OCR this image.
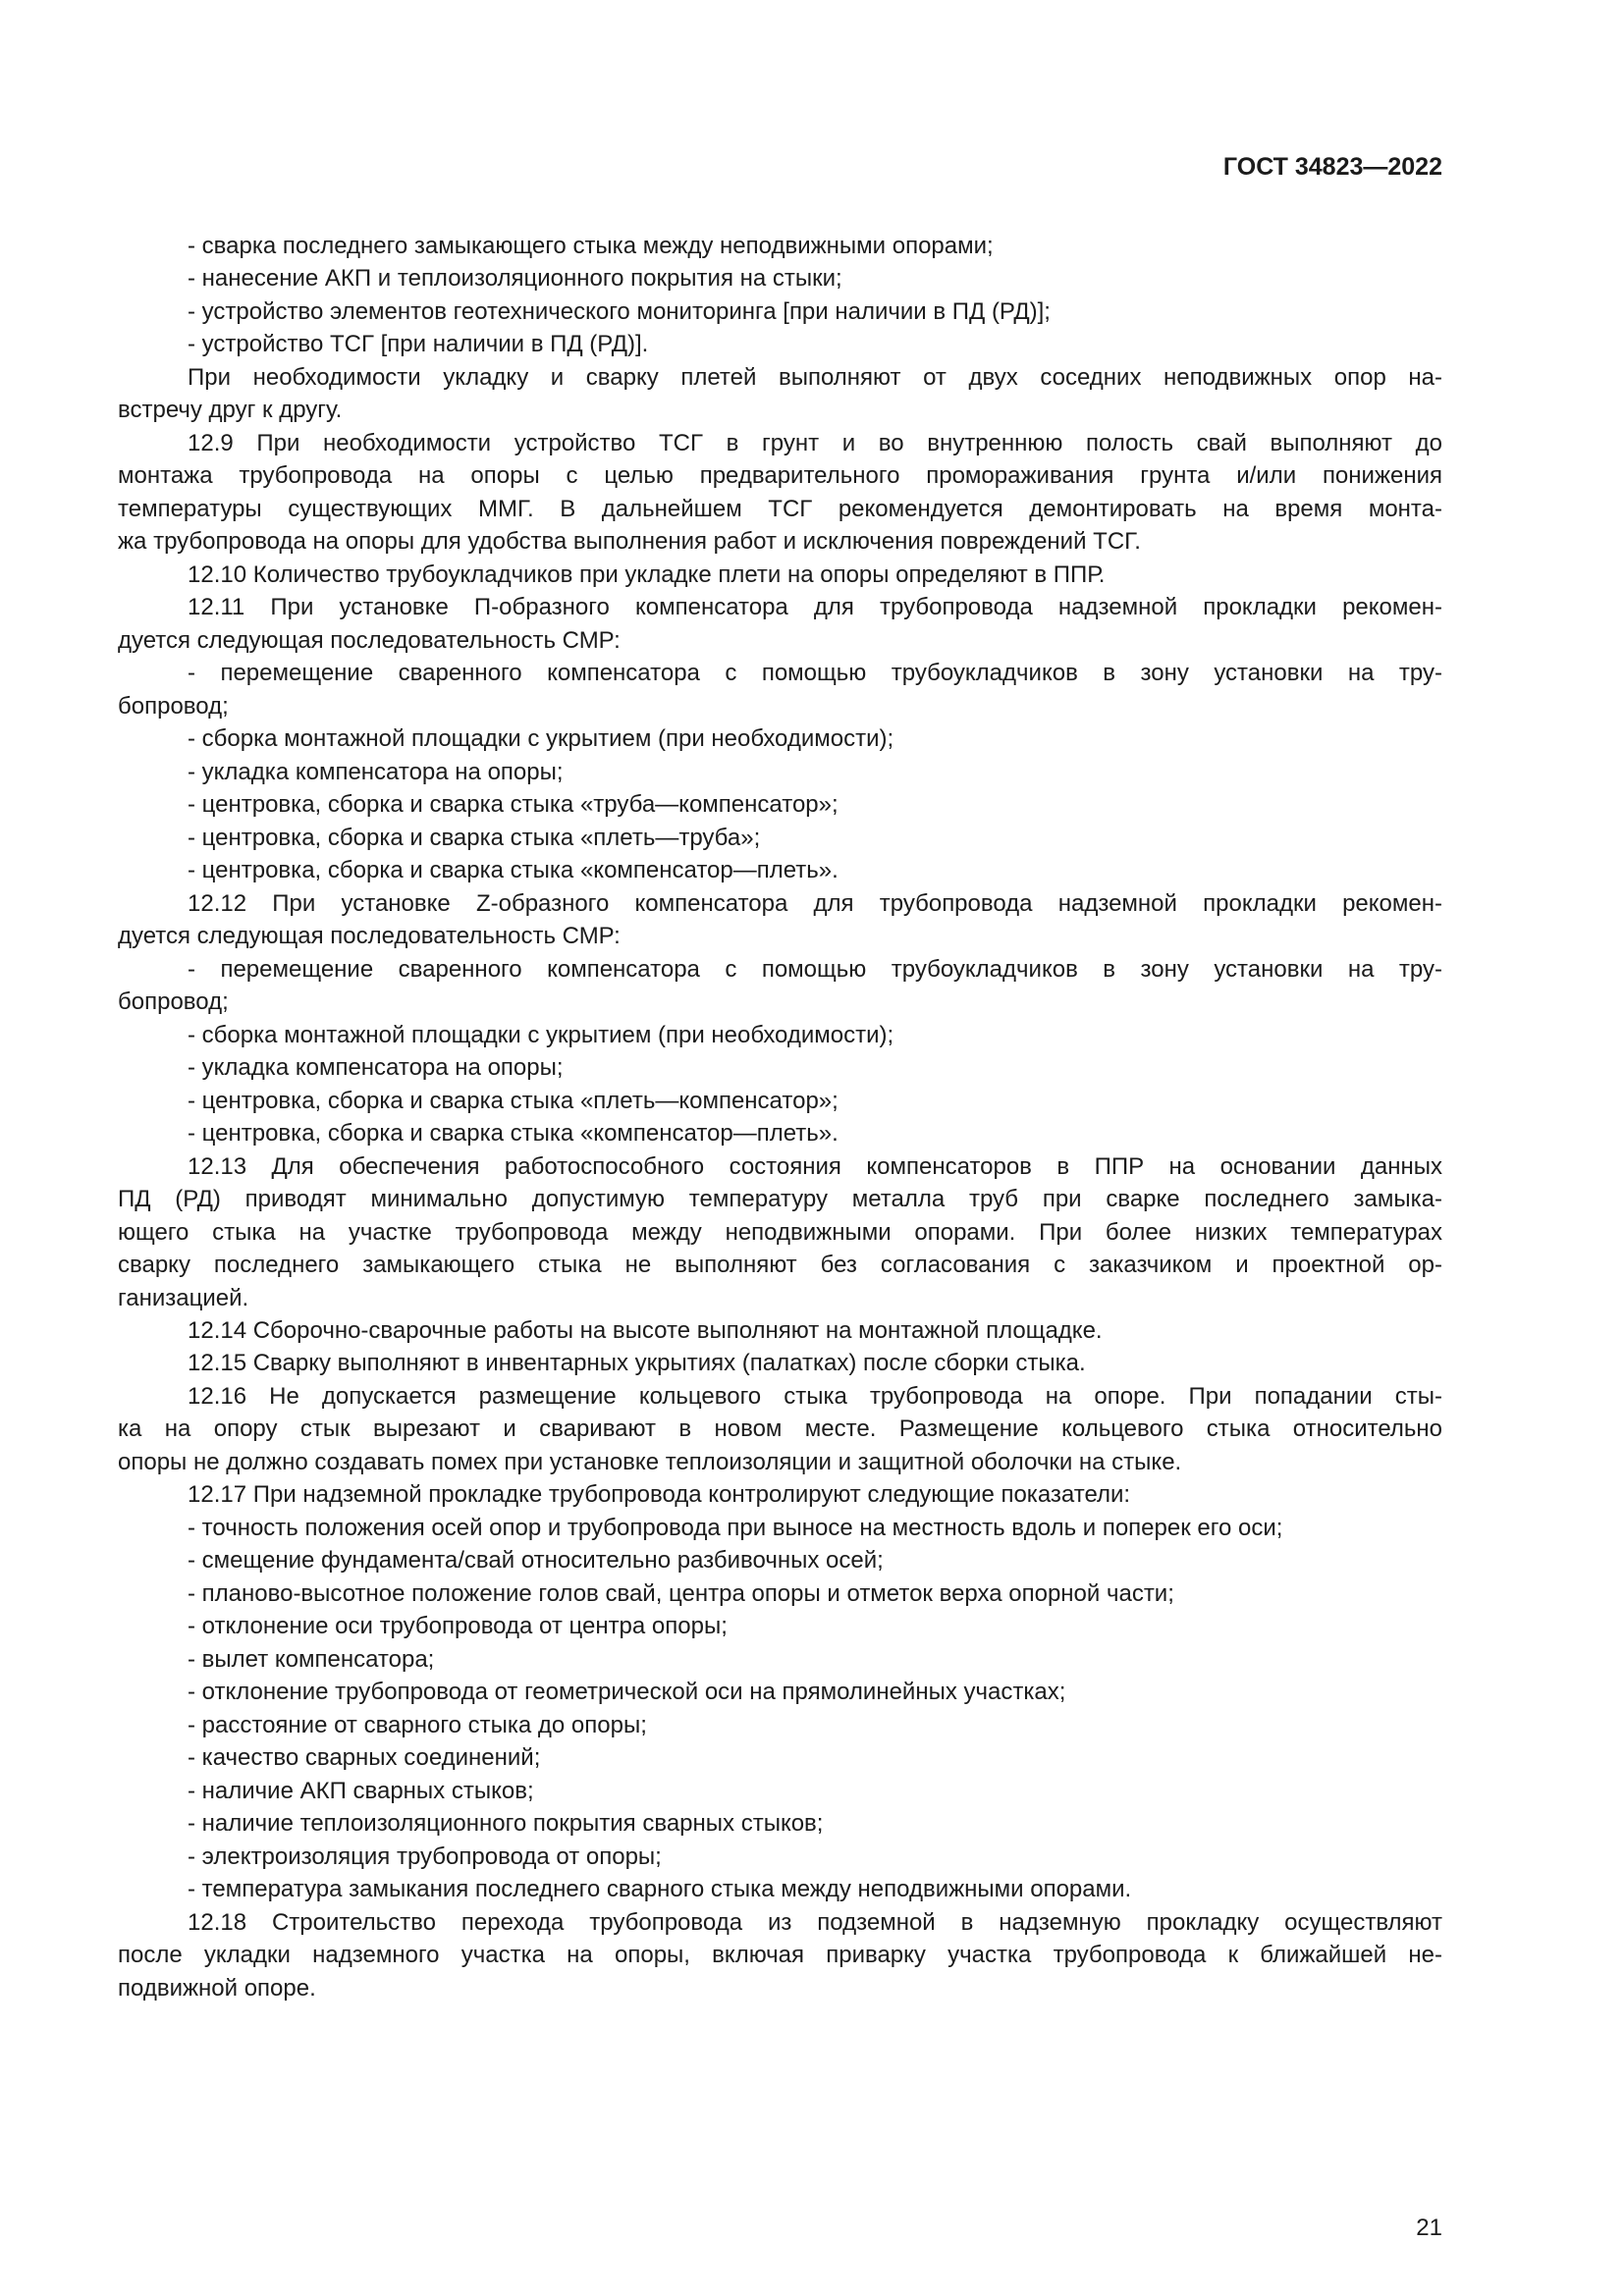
ГОСТ 34823—2022
- сварка последнего замыкающего стыка между неподвижными опорами;
- нанесение АКП и теплоизоляционного покрытия на стыки;
- устройство элементов геотехнического мониторинга [при наличии в ПД (РД)];
- устройство ТСГ [при наличии в ПД (РД)].
При необходимости укладку и сварку плетей выполняют от двух соседних неподвижных опор на-
встречу друг к другу.
12.9 При необходимости устройство ТСГ в грунт и во внутреннюю полость свай выполняют до
монтажа трубопровода на опоры с целью предварительного промораживания грунта и/или понижения
температуры существующих ММГ. В дальнейшем ТСГ рекомендуется демонтировать на время монта-
жа трубопровода на опоры для удобства выполнения работ и исключения повреждений ТСГ.
12.10 Количество трубоукладчиков при укладке плети на опоры определяют в ППР.
12.11 При установке П-образного компенсатора для трубопровода надземной прокладки рекомен-
дуется следующая последовательность СМР:
- перемещение сваренного компенсатора с помощью трубоукладчиков в зону установки на тру-
бопровод;
- сборка монтажной площадки с укрытием (при необходимости);
- укладка компенсатора на опоры;
- центровка, сборка и сварка стыка «труба—компенсатор»;
- центровка, сборка и сварка стыка «плеть—труба»;
- центровка, сборка и сварка стыка «компенсатор—плеть».
12.12 При установке Z-образного компенсатора для трубопровода надземной прокладки рекомен-
дуется следующая последовательность СМР:
- перемещение сваренного компенсатора с помощью трубоукладчиков в зону установки на тру-
бопровод;
- сборка монтажной площадки с укрытием (при необходимости);
- укладка компенсатора на опоры;
- центровка, сборка и сварка стыка «плеть—компенсатор»;
- центровка, сборка и сварка стыка «компенсатор—плеть».
12.13 Для обеспечения работоспособного состояния компенсаторов в ППР на основании данных
ПД (РД) приводят минимально допустимую температуру металла труб при сварке последнего замыка-
ющего стыка на участке трубопровода между неподвижными опорами. При более низких температурах
сварку последнего замыкающего стыка не выполняют без согласования с заказчиком и проектной ор-
ганизацией.
12.14 Сборочно-сварочные работы на высоте выполняют на монтажной площадке.
12.15 Сварку выполняют в инвентарных укрытиях (палатках) после сборки стыка.
12.16 Не допускается размещение кольцевого стыка трубопровода на опоре. При попадании сты-
ка на опору стык вырезают и сваривают в новом месте. Размещение кольцевого стыка относительно
опоры не должно создавать помех при установке теплоизоляции и защитной оболочки на стыке.
12.17 При надземной прокладке трубопровода контролируют следующие показатели:
- точность положения осей опор и трубопровода при выносе на местность вдоль и поперек его оси;
- смещение фундамента/свай относительно разбивочных осей;
- планово-высотное положение голов свай, центра опоры и отметок верха опорной части;
- отклонение оси трубопровода от центра опоры;
- вылет компенсатора;
- отклонение трубопровода от геометрической оси на прямолинейных участках;
- расстояние от сварного стыка до опоры;
- качество сварных соединений;
- наличие АКП сварных стыков;
- наличие теплоизоляционного покрытия сварных стыков;
- электроизоляция трубопровода от опоры;
- температура замыкания последнего сварного стыка между неподвижными опорами.
12.18 Строительство перехода трубопровода из подземной в надземную прокладку осуществляют
после укладки надземного участка на опоры, включая приварку участка трубопровода к ближайшей не-
подвижной опоре.
21
